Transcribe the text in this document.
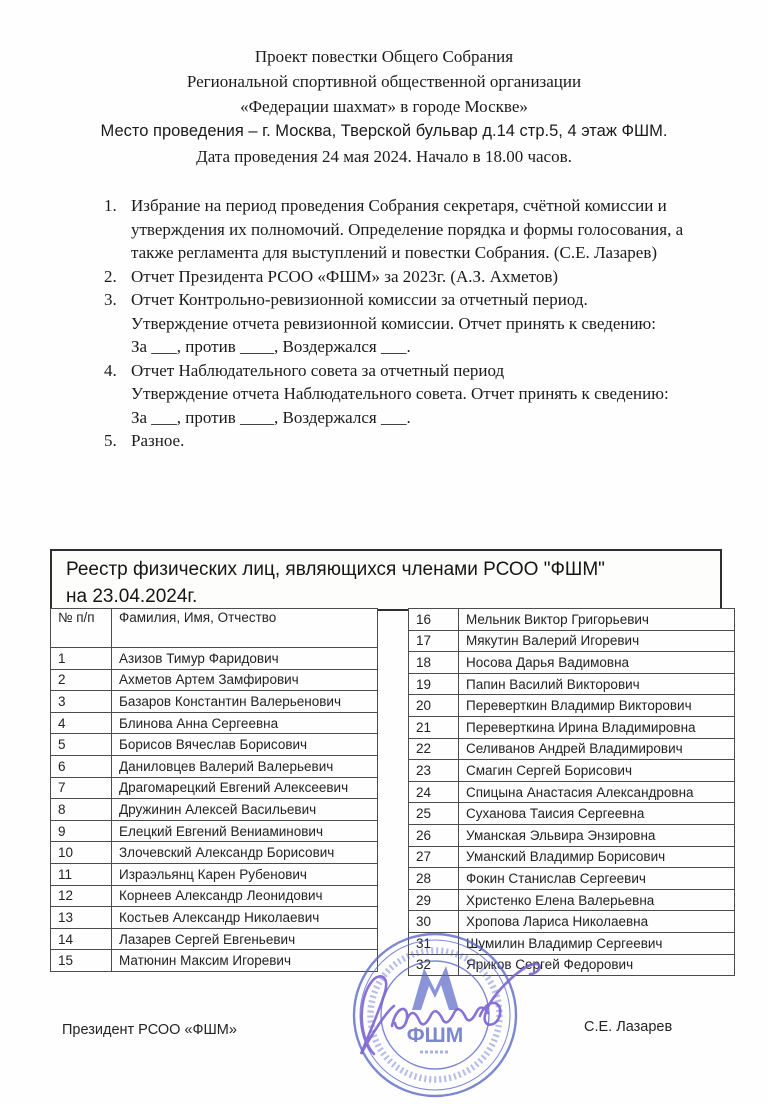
Проект повестки Общего Собрания
Региональной спортивной общественной организации
«Федерации шахмат» в городе Москве»
Место проведения – г. Москва, Тверской бульвар д.14 стр.5, 4 этаж ФШМ.
Дата проведения 24 мая 2024. Начало в 18.00 часов.
1. Избрание на период проведения Собрания секретаря, счётной комиссии и
утверждения их полномочий. Определение порядка и формы голосования, а
также регламента для выступлений и повестки Собрания. (С.Е. Лазарев)
2. Отчет Президента РСОО «ФШМ» за 2023г. (А.З. Ахметов)
3. Отчет Контрольно-ревизионной комиссии за отчетный период.
Утверждение отчета ревизионной комиссии. Отчет принять к сведению:
За ___, против ____, Воздержался ___.
4. Отчет Наблюдательного совета за отчетный период
Утверждение отчета Наблюдательного совета. Отчет принять к сведению:
За ___, против ____, Воздержался ___.
5. Разное.
Реестр физических лиц, являющихся членами РСОО "ФШМ"
на 23.04.2024г.
№ п/п	Фамилия, Имя, Отчество
1	Азизов Тимур Фаридович
2	Ахметов Артем Замфирович
3	Базаров Константин Валерьенович
4	Блинова Анна Сергеевна
5	Борисов Вячеслав Борисович
6	Даниловцев Валерий Валерьевич
7	Драгомарецкий Евгений Алексеевич
8	Дружинин Алексей Васильевич
9	Елецкий Евгений Вениаминович
10	Злочевский Александр Борисович
11	Израэльянц Карен Рубенович
12	Корнеев Александр Леонидович
13	Костьев Александр Николаевич
14	Лазарев Сергей Евгеньевич
15	Матюнин Максим Игоревич
16	Мельник Виктор Григорьевич
17	Мякутин Валерий Игоревич
18	Носова Дарья Вадимовна
19	Папин Василий Викторович
20	Переверткин Владимир Викторович
21	Переверткина Ирина Владимировна
22	Селиванов Андрей Владимирович
23	Смагин Сергей Борисович
24	Спицына Анастасия Александровна
25	Суханова Таисия Сергеевна
26	Уманская Эльвира Энзировна
27	Уманский Владимир Борисович
28	Фокин Станислав Сергеевич
29	Христенко Елена Валерьевна
30	Хропова Лариса Николаевна
31	Шумилин Владимир Сергеевич
32	Яриков Сергей Федорович
ФШМ
Президент РСОО «ФШМ»	С.Е. Лазарев
